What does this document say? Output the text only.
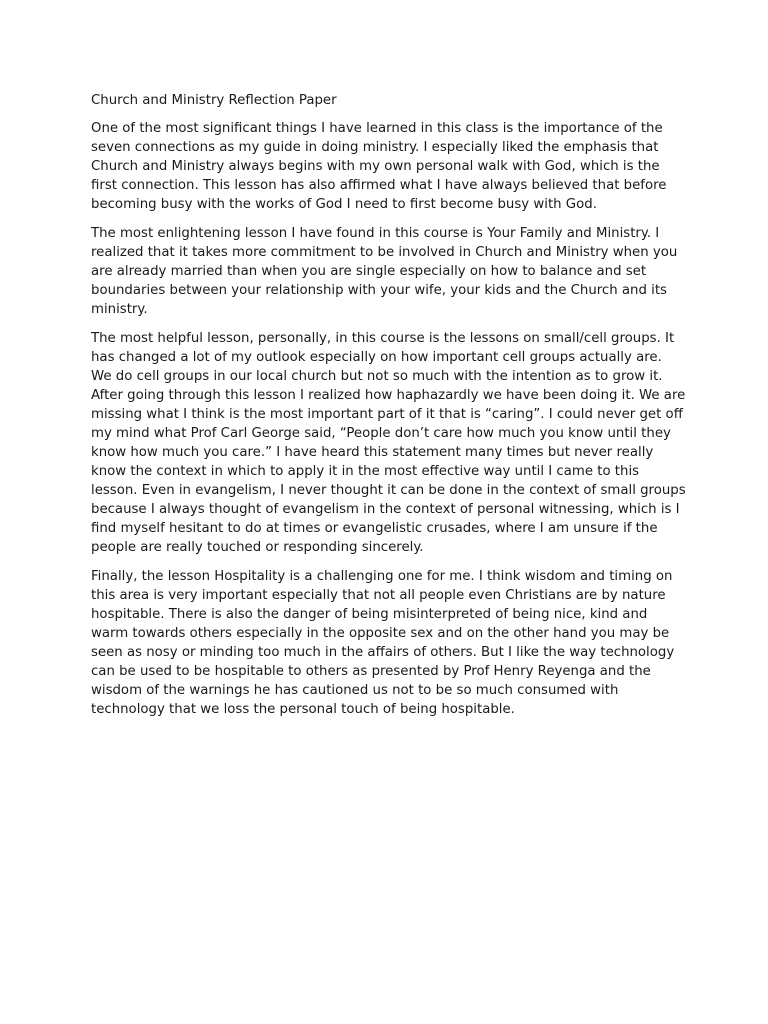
Church and Ministry Reflection Paper

One of the most significant things I have learned in this class is the importance of the seven connections as my guide in doing ministry. I especially liked the emphasis that Church and Ministry always begins with my own personal walk with God, which is the first connection. This lesson has also affirmed what I have always believed that before becoming busy with the works of God I need to first become busy with God.

The most enlightening lesson I have found in this course is Your Family and Ministry. I realized that it takes more commitment to be involved in Church and Ministry when you are already married than when you are single especially on how to balance and set boundaries between your relationship with your wife, your kids and the Church and its ministry.

The most helpful lesson, personally, in this course is the lessons on small/cell groups. It has changed a lot of my outlook especially on how important cell groups actually are.  We do cell groups in our local church but not so much with the intention as to grow it. After going through this lesson I realized how haphazardly we have been doing it. We are missing what I think is the most important part of it that is “caring”. I could never get off my mind what Prof Carl George said, “People don’t care how much you know until they know how much you care.” I have heard this statement many times but never really know the context in which to apply it in the most effective way until I came to this lesson. Even in evangelism, I never thought it can be done in the context of small groups because I always thought of evangelism in the context of personal witnessing, which is I find myself hesitant to do at times or evangelistic crusades, where I am unsure if the people are really touched or responding sincerely.

Finally, the lesson Hospitality is a challenging one for me. I think wisdom and timing on this area is very important especially that not all people even Christians are by nature hospitable. There is also the danger of being misinterpreted of being nice, kind and warm towards others especially in the opposite sex and on the other hand you may be seen as nosy or minding too much in the affairs of others. But I like the way technology can be used to be hospitable to others as presented by Prof Henry Reyenga and the wisdom of the warnings he has cautioned us not to be so much consumed with technology that we loss the personal touch of being hospitable.
